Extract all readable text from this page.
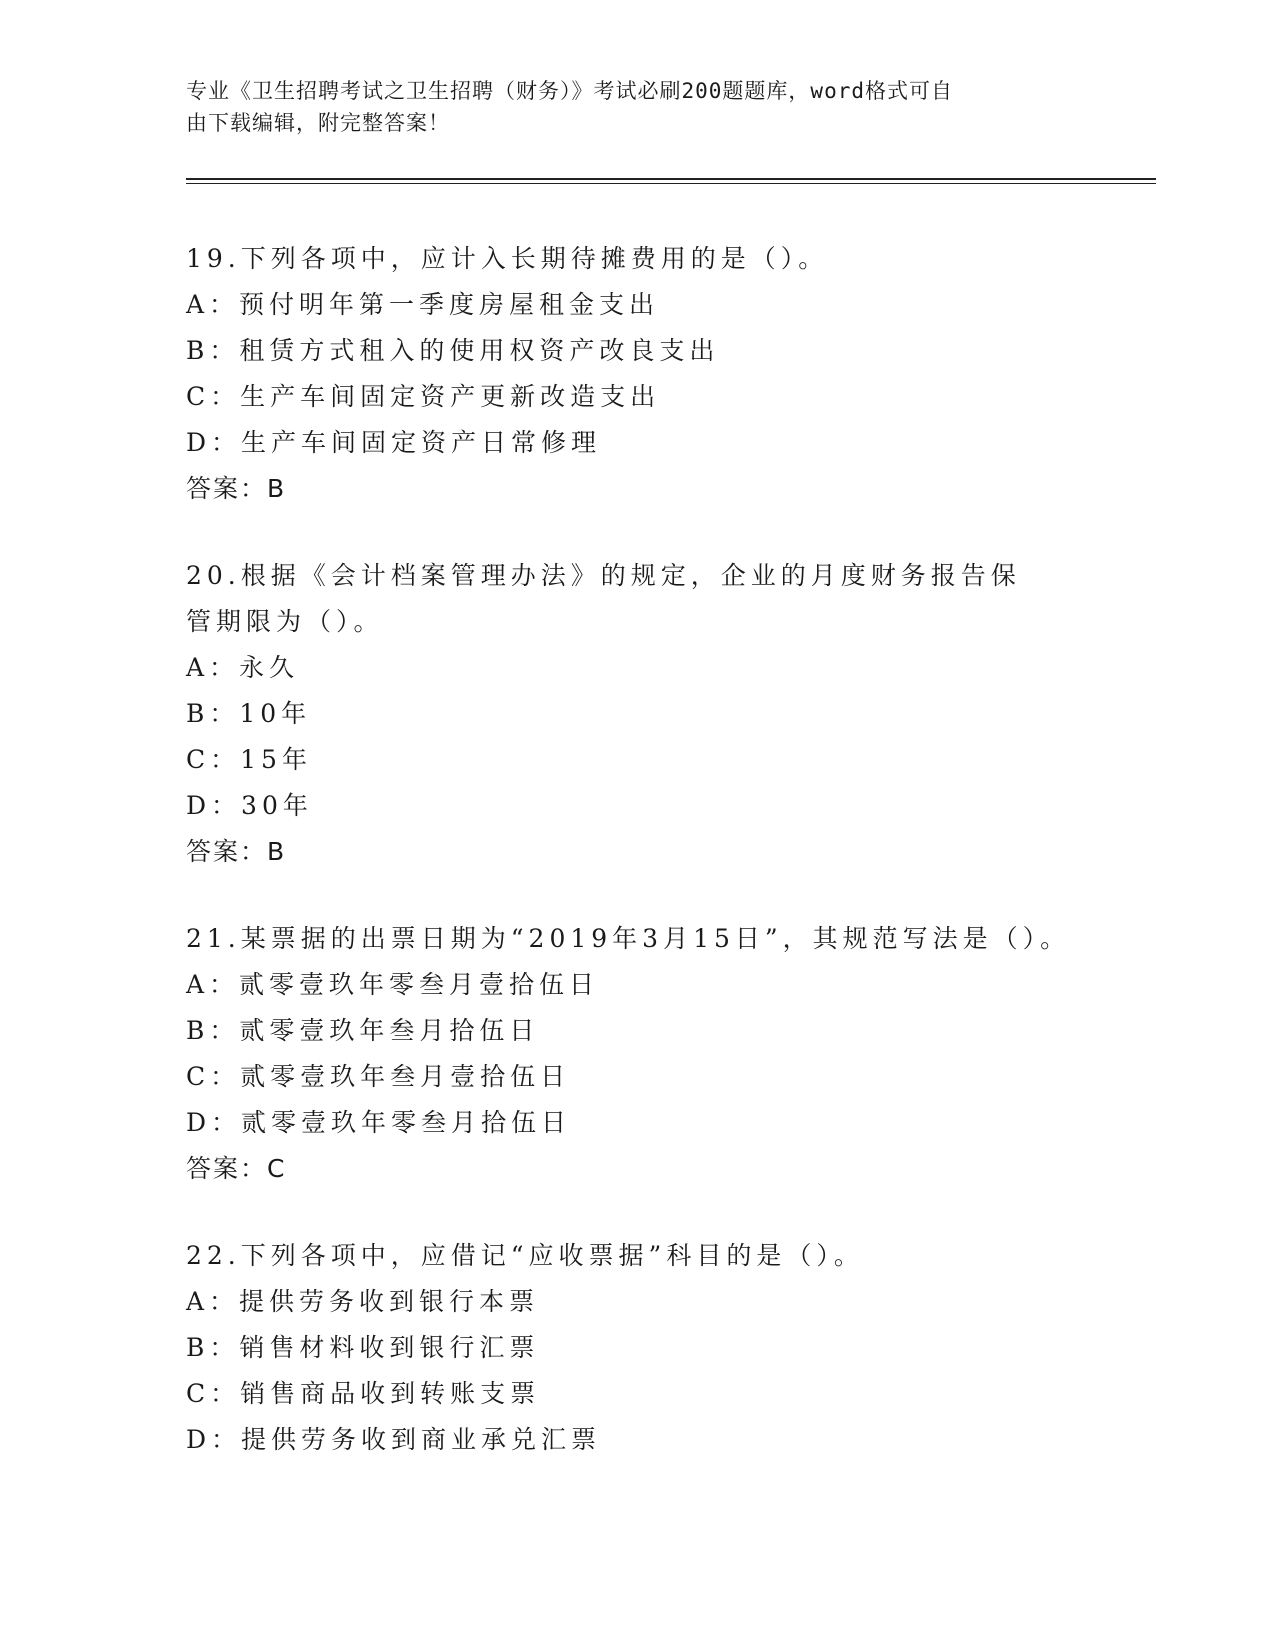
专业《卫生招聘考试之卫生招聘（财务）》考试必刷200题题库，word格式可自
由下载编辑，附完整答案！
19.下列各项中，应计入长期待摊费用的是（）。
A：预付明年第一季度房屋租金支出
B：租赁方式租入的使用权资产改良支出
C：生产车间固定资产更新改造支出
D：生产车间固定资产日常修理
答案：B
20.根据《会计档案管理办法》的规定，企业的月度财务报告保管期限为（）。
A：永久
B：10年
C：15年
D：30年
答案：B
21.某票据的出票日期为“2019年3月15日”，其规范写法是（）。
A：贰零壹玖年零叁月壹拾伍日
B：贰零壹玖年叁月拾伍日
C：贰零壹玖年叁月壹拾伍日
D：贰零壹玖年零叁月拾伍日
答案：C
22.下列各项中，应借记“应收票据”科目的是（）。
A：提供劳务收到银行本票
B：销售材料收到银行汇票
C：销售商品收到转账支票
D：提供劳务收到商业承兑汇票
